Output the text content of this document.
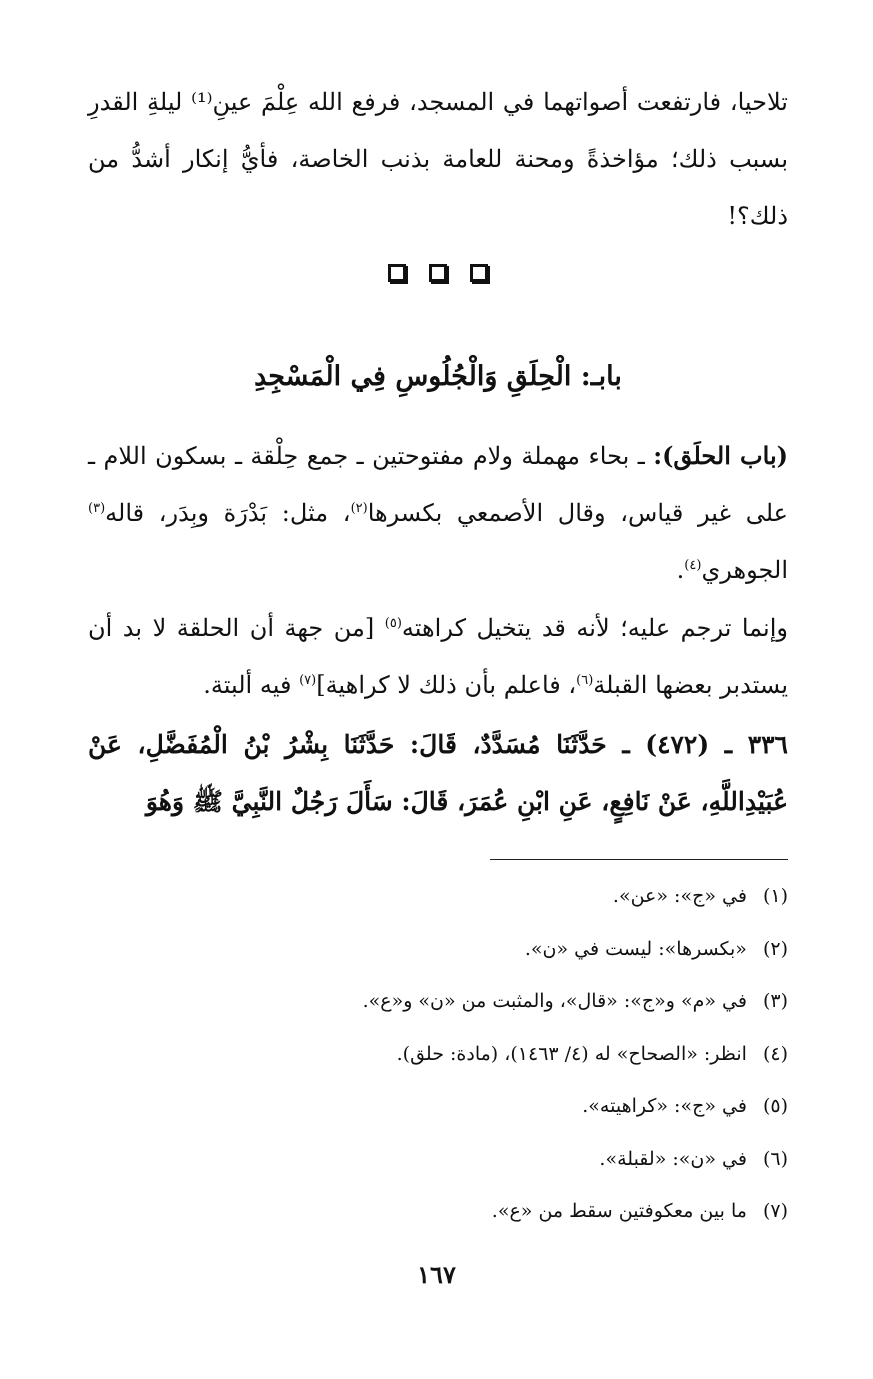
تلاحيا، فارتفعت أصواتهما في المسجد، فرفع الله عِلْمَ عينِ⁽¹⁾ ليلةِ القدرِ بسبب ذلك؛ مؤاخذةً ومحنة للعامة بذنب الخاصة، فأيُّ إنكار أشدُّ من ذلك؟!
بابـ: الْحِلَقِ وَالْجُلُوسِ فِي الْمَسْجِدِ
(باب الحلَق): ـ بحاء مهملة ولام مفتوحتين ـ جمع حِلْقة ـ بسكون اللام ـ على غير قياس، وقال الأصمعي بكسرها$^{(٢)}$، مثل: بَدْرَة وبِدَر، قاله$^{(٣)}$ الجوهري$^{(٤)}$.
وإنما ترجم عليه؛ لأنه قد يتخيل كراهته$^{(٥)}$ [من جهة أن الحلقة لا بد أن يستدبر بعضها القبلة$^{(٦)}$، فاعلم بأن ذلك لا كراهية]$^{(٧)}$ فيه ألبتة.
٣٣٦ ـ (٤٧٢) ـ حَدَّثَنَا مُسَدَّدٌ، قَالَ: حَدَّثَنَا بِشْرُ بْنُ الْمُفَضَّلِ، عَنْ عُبَيْدِاللَّهِ، عَنْ نَافِعٍ، عَنِ ابْنِ عُمَرَ، قَالَ: سَأَلَ رَجُلٌ النَّبِيَّ ﷺ وَهُوَ
(١)في «ج»: «عن».
(٢)«بكسرها»: ليست في «ن».
(٣)في «م» و«ج»: «قال»، والمثبت من «ن» و«ع».
(٤)انظر: «الصحاح» له (٤/ ١٤٦٣)، (مادة: حلق).
(٥)في «ج»: «كراهيته».
(٦)في «ن»: «لقبلة».
(٧)ما بين معكوفتين سقط من «ع».
١٦٧
